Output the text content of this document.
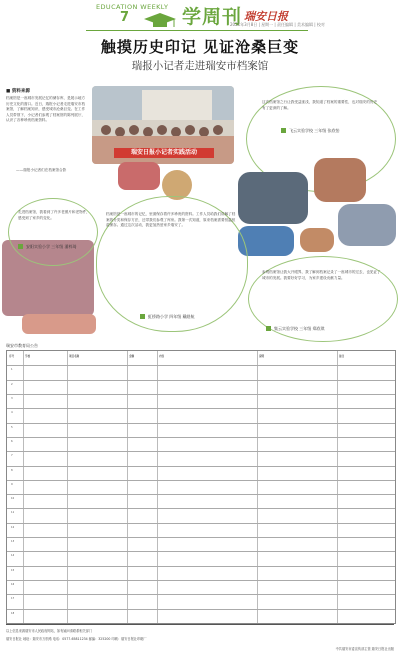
EDUCATION WEEKLY
7	学周刊 瑞安日报
2021年3月8日 | 星期一 | 责任编辑 | 美术编辑 | 校对
触摸历史印记 见证沧桑巨变
瑞报小记者走进瑞安市档案馆
■ 资料来源
档案馆是一座城市发展记忆的储存库，是展示地方历史文化的窗口。近日，瑞报小记者走进瑞安市档案馆，了解档案知识，感受城市沧桑巨变。在工作人员带领下，小记者们参观了档案馆的陈列展厅，认识了各种珍贵档案资料。
——瑞报小记者们在档案馆合影
瑞安日报小记者实践活动
这次档案馆之行让我受益匪浅，我知道了档案的重要性，也对瑞安的历史有了更深的了解。
飞云实验学校 三年级 张欣怡
走进档案馆，我看到了许多老照片和老物件，感受到了家乡的变化。
安阳实验小学 三年级 潘梓琦
档案馆是一座城市的记忆，里面保存着许多珍贵的资料。工作人员给我们讲解了档案的分类和保存方法，还带我们参观了库房。我第一次知道，原来档案需要恒温恒湿保存。通过这次活动，我更加热爱家乡瑞安了。
虹桥路小学 四年级 戴皓航
参观档案馆让我大开眼界，我了解到档案记录了一座城市的过去，也见证了城市的发展。我要好好学习，为家乡建设贡献力量。
集云实验学校 三年级 郑欣琪
瑞安市教育局公告
序号	学校	项目名称	金额	内容	说明	备注
1
2
3
4
5
6
7
8
9
10
11
12
13
14
15
16
17
18
以上信息来源瑞安市人民政府网站，如有疑问请联系相关部门
瑞安日报社 地址：瑞安市万松路 电话：0577-65811234 邮编：325200 印刷：瑞安日报社印刷厂
中共瑞安市委宣传部主管 瑞安日报社出版
